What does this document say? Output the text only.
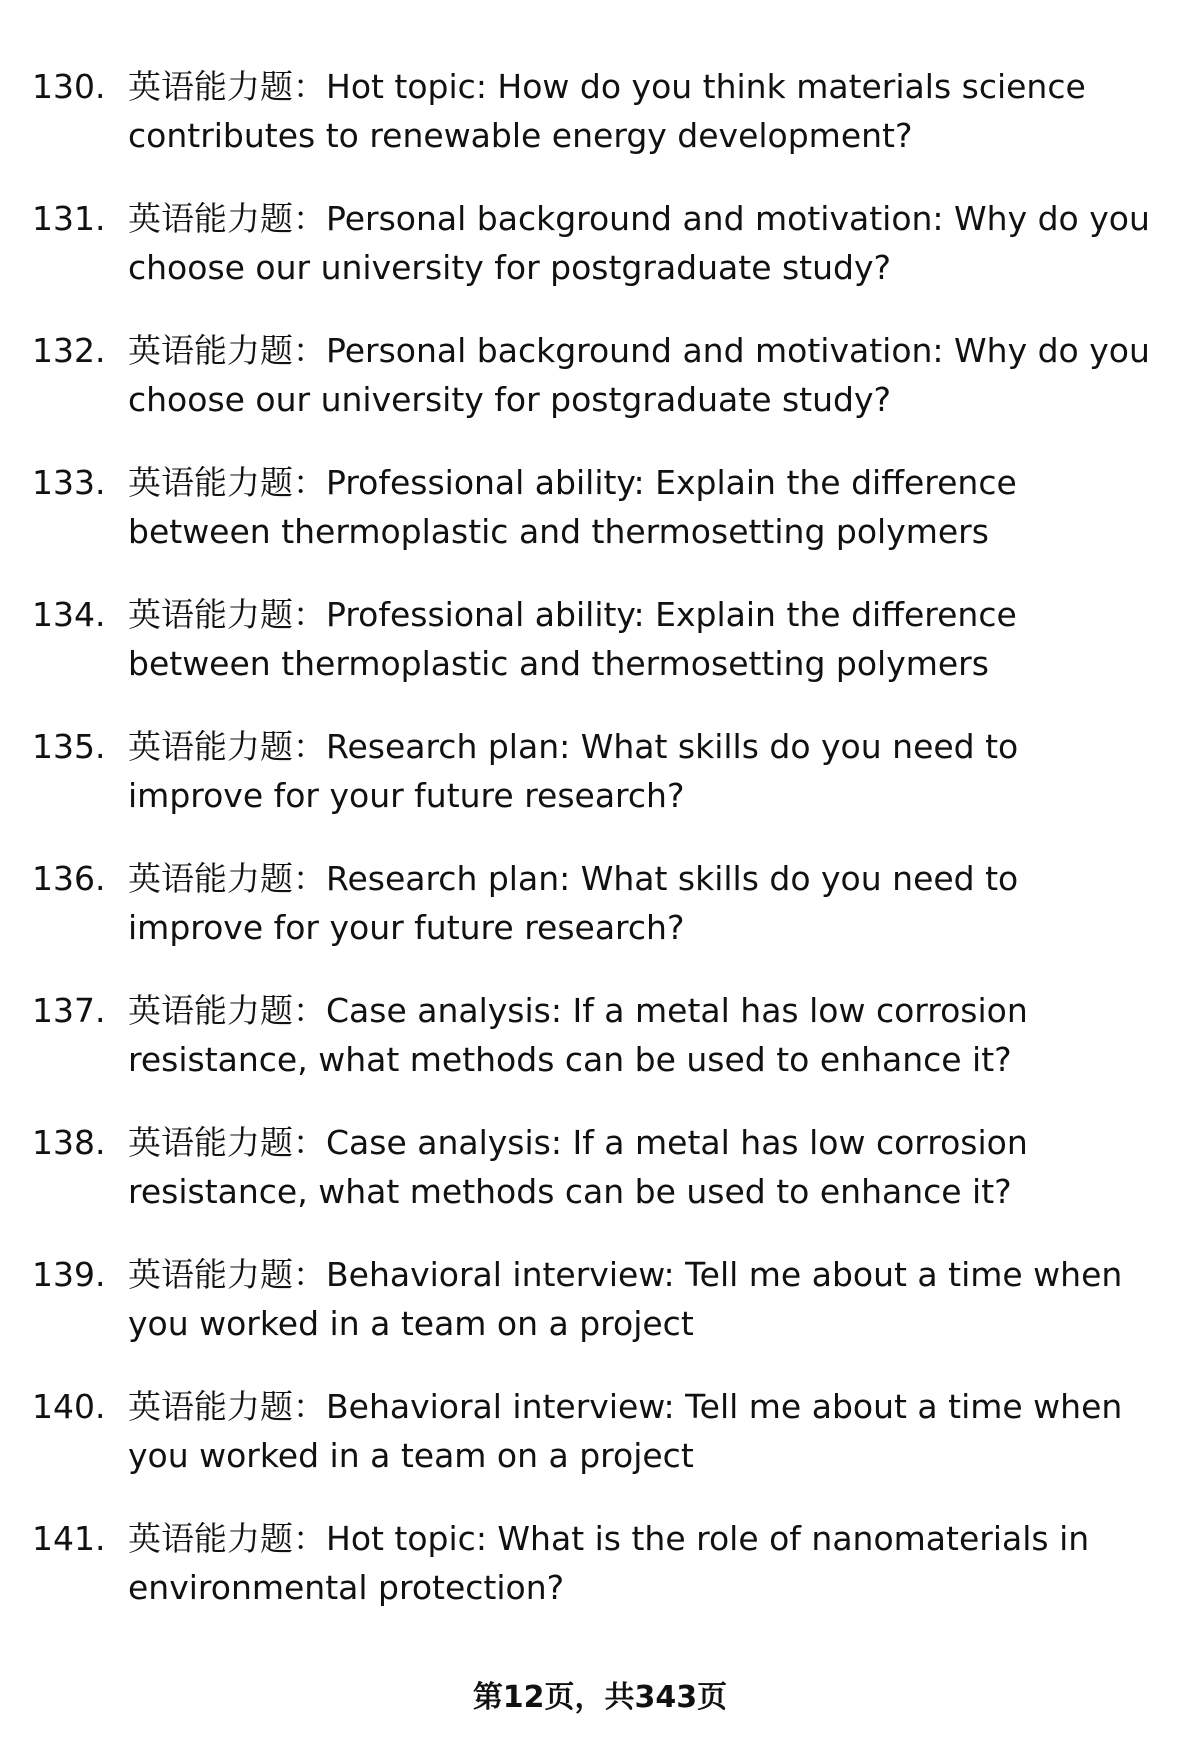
130. 英语能力题：Hot topic: How do you think materials science contributes to renewable energy development?
131. 英语能力题：Personal background and motivation: Why do you choose our university for postgraduate study?
132. 英语能力题：Personal background and motivation: Why do you choose our university for postgraduate study?
133. 英语能力题：Professional ability: Explain the difference between thermoplastic and thermosetting polymers
134. 英语能力题：Professional ability: Explain the difference between thermoplastic and thermosetting polymers
135. 英语能力题：Research plan: What skills do you need to improve for your future research?
136. 英语能力题：Research plan: What skills do you need to improve for your future research?
137. 英语能力题：Case analysis: If a metal has low corrosion resistance, what methods can be used to enhance it?
138. 英语能力题：Case analysis: If a metal has low corrosion resistance, what methods can be used to enhance it?
139. 英语能力题：Behavioral interview: Tell me about a time when you worked in a team on a project
140. 英语能力题：Behavioral interview: Tell me about a time when you worked in a team on a project
141. 英语能力题：Hot topic: What is the role of nanomaterials in environmental protection?
第12页，共343页
